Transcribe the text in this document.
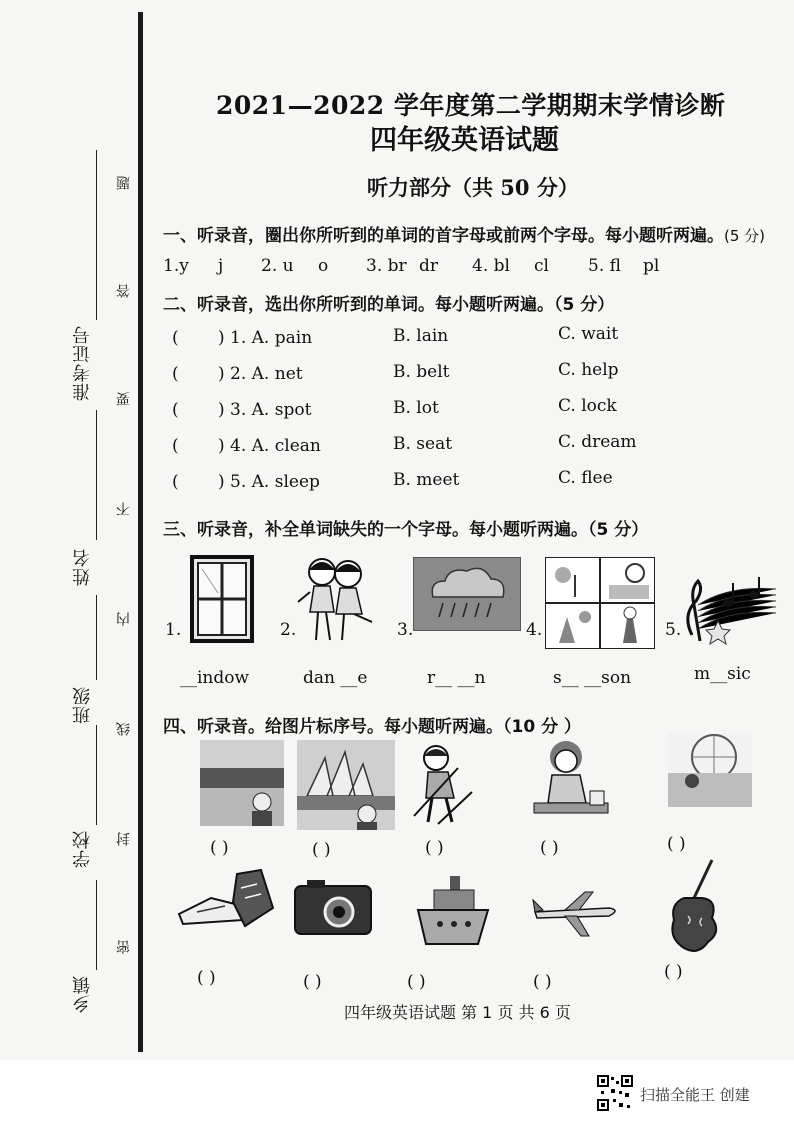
乡镇
学校
班级
姓名
准考证号
密
封
线
内
不
要
答
题
2021—2022 学年度第二学期期末学情诊断
四年级英语试题
听力部分（共 50 分）
一、听录音，圈出你所听到的单词的首字母或前两个字母。每小题听两遍。(5 分)
1.y j 2. u o 3. br dr 4. bl cl 5. fl pl
二、听录音，选出你所听到的单词。每小题听两遍。（5 分）
( ) 1. A. pain	B. lain	C. wait
( ) 2. A. net	B. belt	C. help
( ) 3. A. spot	B. lot	C. lock
( ) 4. A. clean	B. seat	C. dream
( ) 5. A. sleep	B. meet	C. flee
三、听录音，补全单词缺失的一个字母。每小题听两遍。（5 分）
1.	2.	3.	4.	5.
__indow	dan __e	r__ __n	s__ __son	m__sic
四、听录音。给图片标序号。每小题听两遍。（10 分 ）
( )	( )	( )	( )	( )
( )	( )	( )	( )	( )
四年级英语试题 第 1 页 共 6 页
扫描全能王 创建
